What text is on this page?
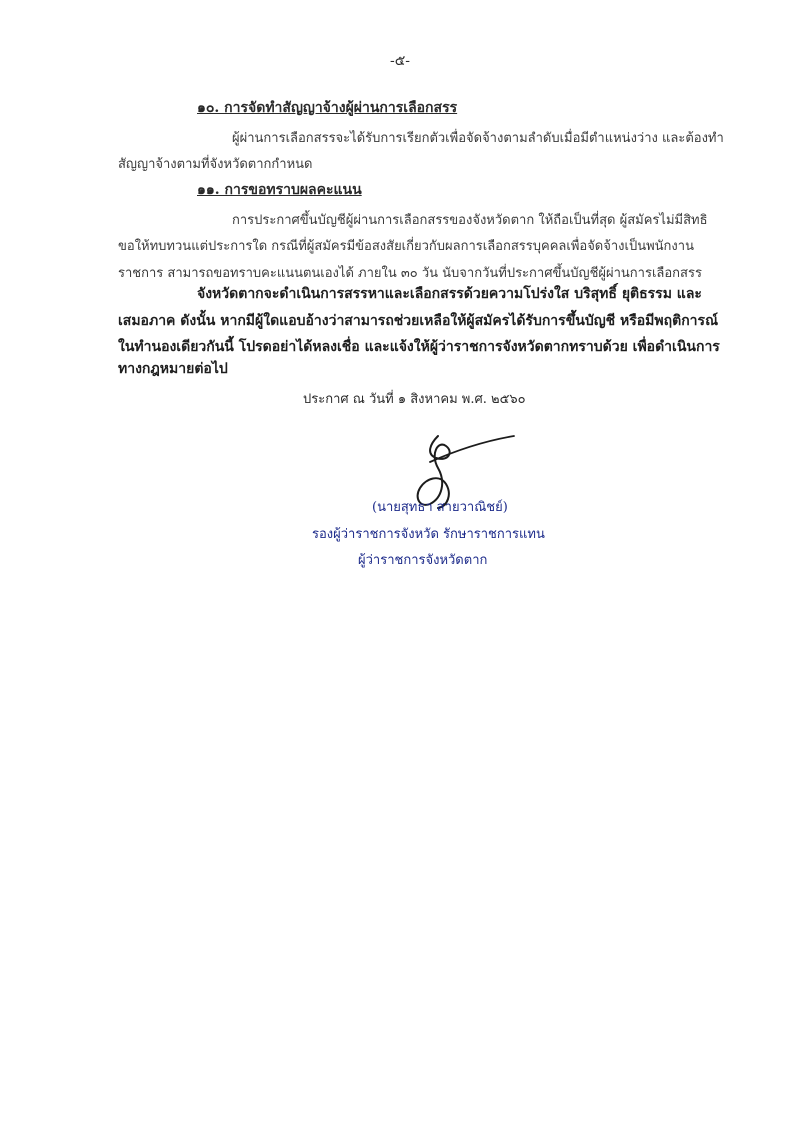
-๕-
๑๐. การจัดทำสัญญาจ้างผู้ผ่านการเลือกสรร
ผู้ผ่านการเลือกสรรจะได้รับการเรียกตัวเพื่อจัดจ้างตามลำดับเมื่อมีตำแหน่งว่าง และต้องทำ
สัญญาจ้างตามที่จังหวัดตากกำหนด
๑๑. การขอทราบผลคะแนน
การประกาศขึ้นบัญชีผู้ผ่านการเลือกสรรของจังหวัดตาก ให้ถือเป็นที่สุด ผู้สมัครไม่มีสิทธิ
ขอให้ทบทวนแต่ประการใด กรณีที่ผู้สมัครมีข้อสงสัยเกี่ยวกับผลการเลือกสรรบุคคลเพื่อจัดจ้างเป็นพนักงาน
ราชการ สามารถขอทราบคะแนนตนเองได้ ภายใน ๓๐ วัน นับจากวันที่ประกาศขึ้นบัญชีผู้ผ่านการเลือกสรร
จังหวัดตากจะดำเนินการสรรหาและเลือกสรรด้วยความโปร่งใส บริสุทธิ์ ยุติธรรม และ
เสมอภาค ดังนั้น หากมีผู้ใดแอบอ้างว่าสามารถช่วยเหลือให้ผู้สมัครได้รับการขึ้นบัญชี หรือมีพฤติการณ์
ในทำนองเดียวกันนี้ โปรดอย่าได้หลงเชื่อ และแจ้งให้ผู้ว่าราชการจังหวัดตากทราบด้วย เพื่อดำเนินการ
ทางกฎหมายต่อไป
ประกาศ ณ วันที่ ๑ สิงหาคม พ.ศ. ๒๕๖๐
(นายสุทธา สายวาณิชย์)
รองผู้ว่าราชการจังหวัด รักษาราชการแทน
ผู้ว่าราชการจังหวัดตาก
